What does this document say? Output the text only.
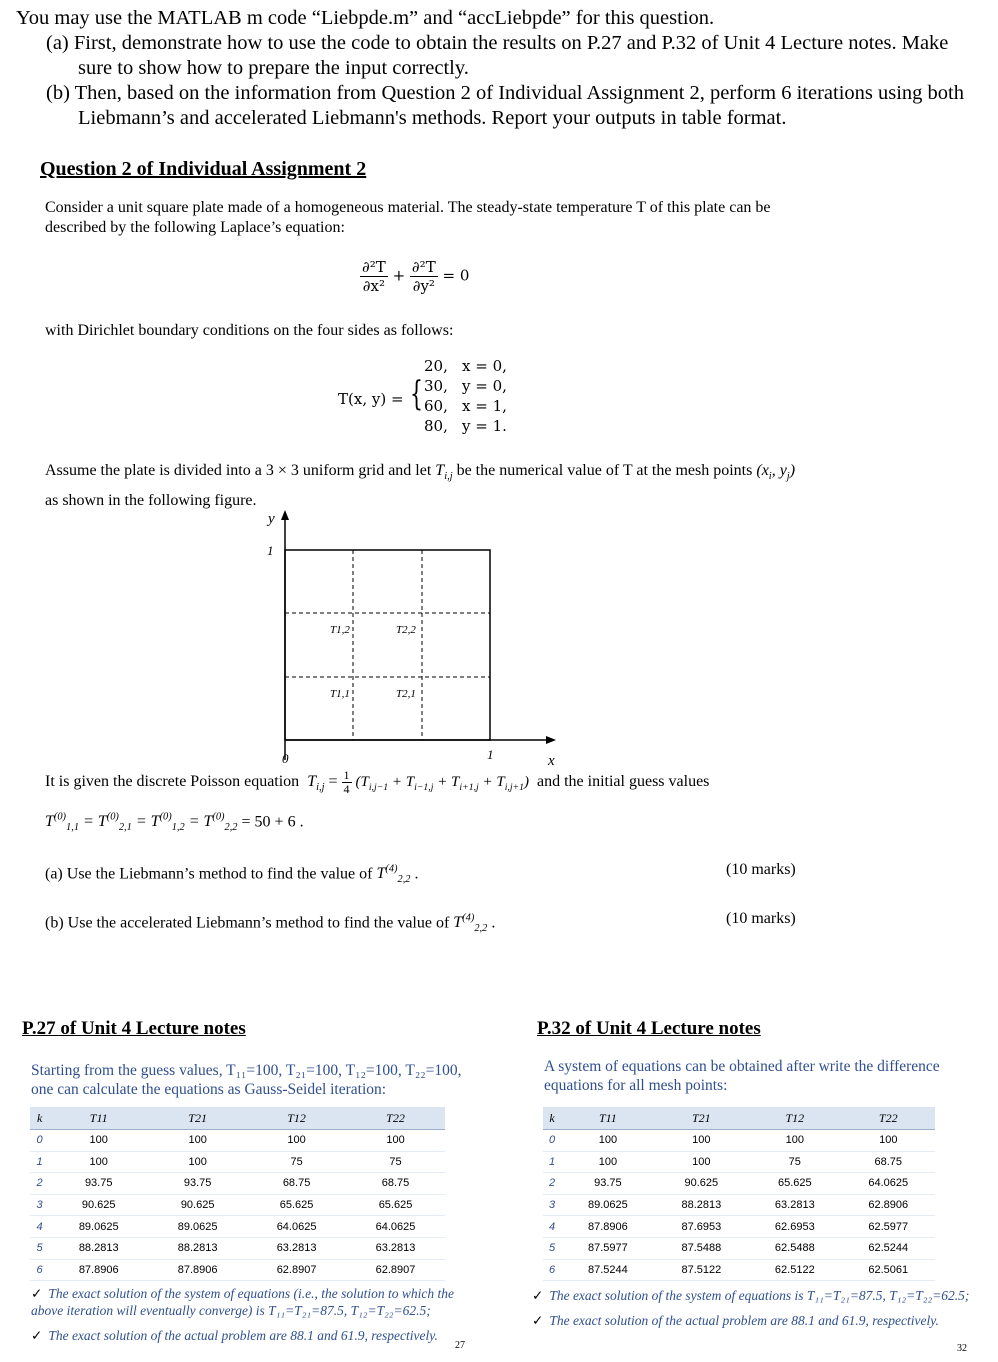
You may use the MATLAB m code “Liebpde.m” and “accLiebpde” for this question.
(a) First, demonstrate how to use the code to obtain the results on P.27 and P.32 of Unit 4 Lecture notes. Make sure to show how to prepare the input correctly.
(b) Then, based on the information from Question 2 of Individual Assignment 2, perform 6 iterations using both Liebmann’s and accelerated Liebmann's methods. Report your outputs in table format.
Question 2 of Individual Assignment 2
Consider a unit square plate made of a homogeneous material. The steady-state temperature T of this plate can be described by the following Laplace’s equation:
$\frac{\text{∂²T}}{\text{∂x²}} + \frac{\text{∂²T}}{\text{∂y²}} = 0$
with Dirichlet boundary conditions on the four sides as follows:
T(x, y) = {
20, x = 0,
30, y = 0,
60, x = 1,
80, y = 1.
Assume the plate is divided into a 3 × 3 uniform grid and let $T_{i,j}$ be the numerical value of T at the mesh points ($x_i$, $y_j$) as shown in the following figure.
y
1
0	1	x
T1,2	T2,2
T1,1	T2,1
It is given the discrete Poisson equation $T_{i,j} = \frac{1}{4} (T_{i,j-1} + T_{i-1,j} + T_{i+1,j} + T_{i,j+1})$ and the initial guess values
$T^{(0)}_{1,1} = T^{(0)}_{2,1} = T^{(0)}_{1,2} = T^{(0)}_{2,2} = 50 + 6$ .
(a) Use the Liebmann’s method to find the value of $T^{(4)}_{2,2}$ .	(10 marks)
(b) Use the accelerated Liebmann’s method to find the value of $T^{(4)}_{2,2}$ .	(10 marks)
P.27 of Unit 4 Lecture notes
Starting from the guess values, T₁₁=100, T₂₁=100, T₁₂=100, T₂₂=100,
one can calculate the equations as Gauss-Seidel iteration:
k	T11	T21	T12	T22
0	100	100	100	100
1	100	100	75	75
2	93.75	93.75	68.75	68.75
3	90.625	90.625	65.625	65.625
4	89.0625	89.0625	64.0625	64.0625
5	88.2813	88.2813	63.2813	63.2813
6	87.8906	87.8906	62.8907	62.8907
✓ The exact solution of the system of equations (i.e., the solution to which the above iteration will eventually converge) is T₁₁=T₂₁=87.5, T₁₂=T₂₂=62.5;
✓ The exact solution of the actual problem are 88.1 and 61.9, respectively.
27
P.32 of Unit 4 Lecture notes
A system of equations can be obtained after write the difference equations for all mesh points:
k	T11	T21	T12	T22
0	100	100	100	100
1	100	100	75	68.75
2	93.75	90.625	65.625	64.0625
3	89.0625	88.2813	63.2813	62.8906
4	87.8906	87.6953	62.6953	62.5977
5	87.5977	87.5488	62.5488	62.5244
6	87.5244	87.5122	62.5122	62.5061
✓ The exact solution of the system of equations is T₁₁=T₂₁=87.5, T₁₂=T₂₂=62.5;
✓ The exact solution of the actual problem are 88.1 and 61.9, respectively.
32
